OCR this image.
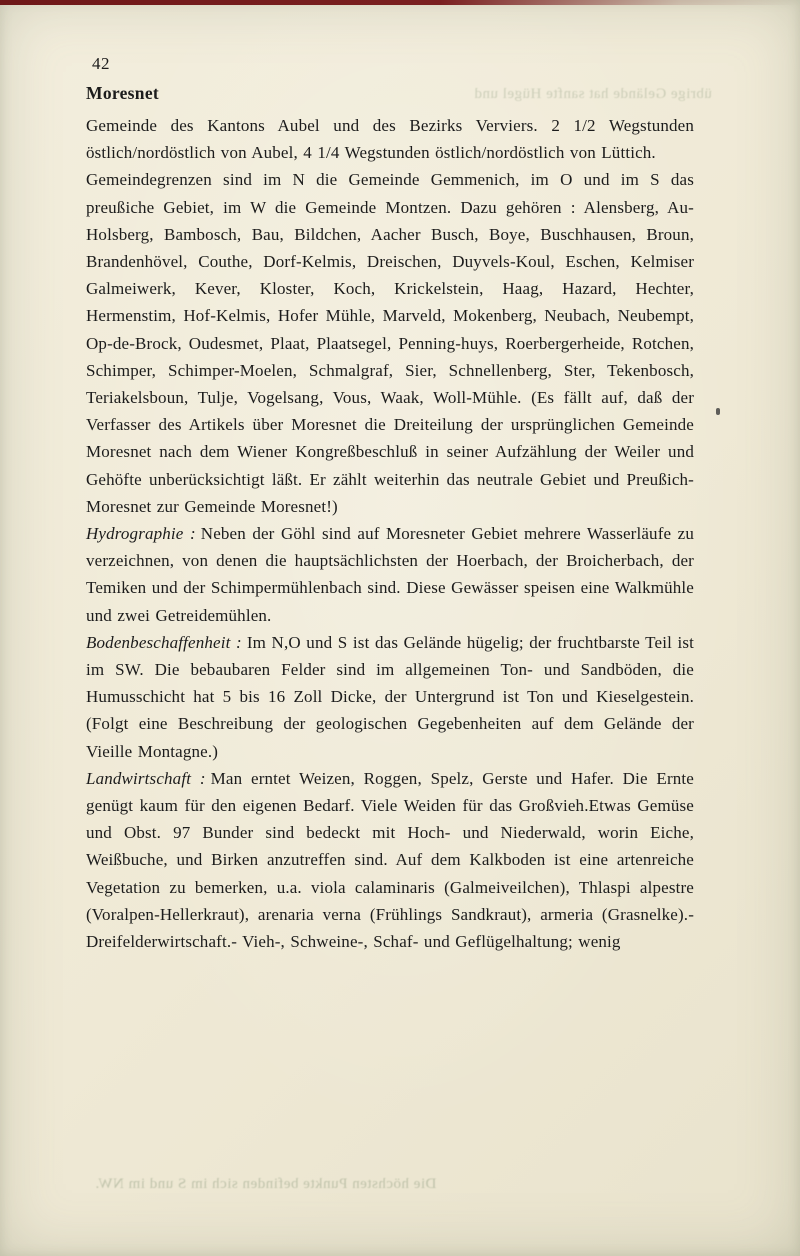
übrige Gelände hat sanfte Hügel und

42

Moresnet

Gemeinde des Kantons Aubel und des Bezirks Verviers. 2 1/2 Wegstunden östlich/nordöstlich von Aubel, 4 1/4 Wegstunden östlich/nordöstlich von Lüttich.

Gemeindegrenzen sind im N die Gemeinde Gemmenich, im O und im S das preußiche Gebiet, im W die Gemeinde Montzen. Dazu gehören : Alensberg, Au-Holsberg, Bambosch, Bau, Bildchen, Aacher Busch, Boye, Buschhausen, Broun, Brandenhövel, Couthe, Dorf-Kelmis, Dreischen, Duyvels-Koul, Eschen, Kelmiser Galmeiwerk, Kever, Kloster, Koch, Krickelstein, Haag, Hazard, Hechter, Hermenstim, Hof-Kelmis, Hofer Mühle, Marveld, Mokenberg, Neubach, Neubempt, Op-de-Brock, Oudesmet, Plaat, Plaatsegel, Penning-huys, Roerbergerheide, Rotchen, Schimper, Schimper-Moelen, Schmalgraf, Sier, Schnellenberg, Ster, Tekenbosch, Teriakelsboun, Tulje, Vogelsang, Vous, Waak, Woll-Mühle. (Es fällt auf, daß der Verfasser des Artikels über Moresnet die Dreiteilung der ursprünglichen Gemeinde Moresnet nach dem Wiener Kongreßbeschluß in seiner Aufzählung der Weiler und Gehöfte unberücksichtigt läßt. Er zählt weiterhin das neutrale Gebiet und Preußich-Moresnet zur Gemeinde Moresnet!)

Hydrographie : Neben der Göhl sind auf Moresneter Gebiet mehrere Wasserläufe zu verzeichnen, von denen die hauptsächlichsten der Hoerbach, der Broicherbach, der Temiken und der Schimpermühlenbach sind. Diese Gewässer speisen eine Walkmühle und zwei Getreidemühlen.

Bodenbeschaffenheit : Im N,O und S ist das Gelände hügelig; der fruchtbarste Teil ist im SW. Die bebaubaren Felder sind im allgemeinen Ton- und Sandböden, die Humusschicht hat 5 bis 16 Zoll Dicke, der Untergrund ist Ton und Kieselgestein. (Folgt eine Beschreibung der geologischen Gegebenheiten auf dem Gelände der Vieille Montagne.)

Landwirtschaft : Man erntet Weizen, Roggen, Spelz, Gerste und Hafer. Die Ernte genügt kaum für den eigenen Bedarf. Viele Weiden für das Großvieh.Etwas Gemüse und Obst. 97 Bunder sind bedeckt mit Hoch- und Niederwald, worin Eiche, Weißbuche, und Birken anzutreffen sind. Auf dem Kalkboden ist eine artenreiche Vegetation zu bemerken, u.a. viola calaminaris (Galmeiveilchen), Thlaspi alpestre (Voralpen-Hellerkraut), arenaria verna (Frühlings Sandkraut), armeria (Grasnelke).-Dreifelderwirtschaft.- Vieh-, Schweine-, Schaf- und Geflügelhaltung; wenig

Die höchsten Punkte befinden sich im S und im NW.
